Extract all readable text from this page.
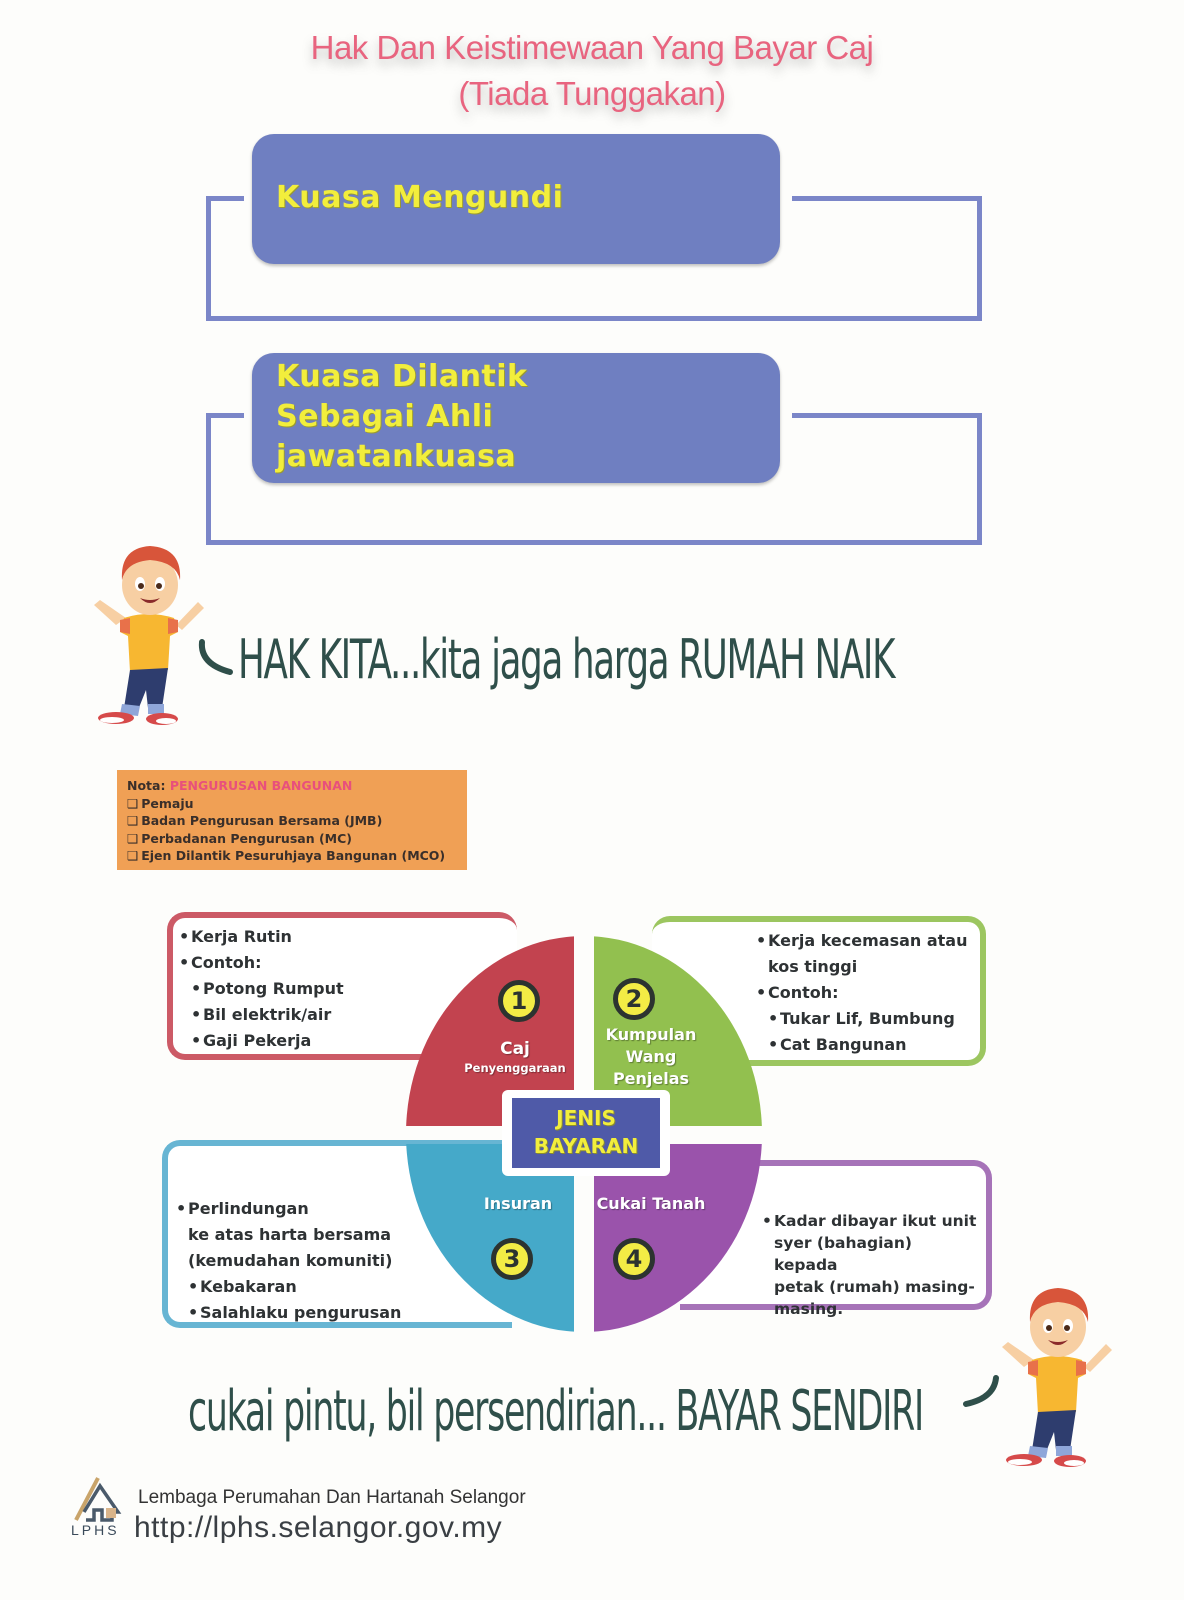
Hak Dan Keistimewaan Yang Bayar Caj
(Tiada Tunggakan)
Kuasa Mengundi
Kuasa Dilantik
Sebagai Ahli
jawatankuasa
HAK KITA...kita jaga harga RUMAH NAIK
Nota: PENGURUSAN BANGUNAN
❑ Pemaju
❑ Badan Pengurusan Bersama (JMB)
❑ Perbadanan Pengurusan (MC)
❑ Ejen Dilantik Pesuruhjaya Bangunan (MCO)
• Kerja Rutin
• Contoh:
• Potong Rumput
• Bil elektrik/air
• Gaji Pekerja
• Kerja kecemasan atau
kos tinggi
• Contoh:
• Tukar Lif, Bumbung
• Cat Bangunan
• Perlindungan
ke atas harta bersama
(kemudahan komuniti)
• Kebakaran
• Salahlaku pengurusan
• Kadar dibayar ikut unit
syer (bahagian) kepada
petak (rumah) masing-
masing.
1	2
3	4
Caj
Penyenggaraan
Kumpulan
Wang
Penjelas
Insuran	Cukai Tanah
JENIS
BAYARAN
cukai pintu, bil persendirian... BAYAR SENDIRI
LPHS
Lembaga Perumahan Dan Hartanah Selangor
http://lphs.selangor.gov.my
